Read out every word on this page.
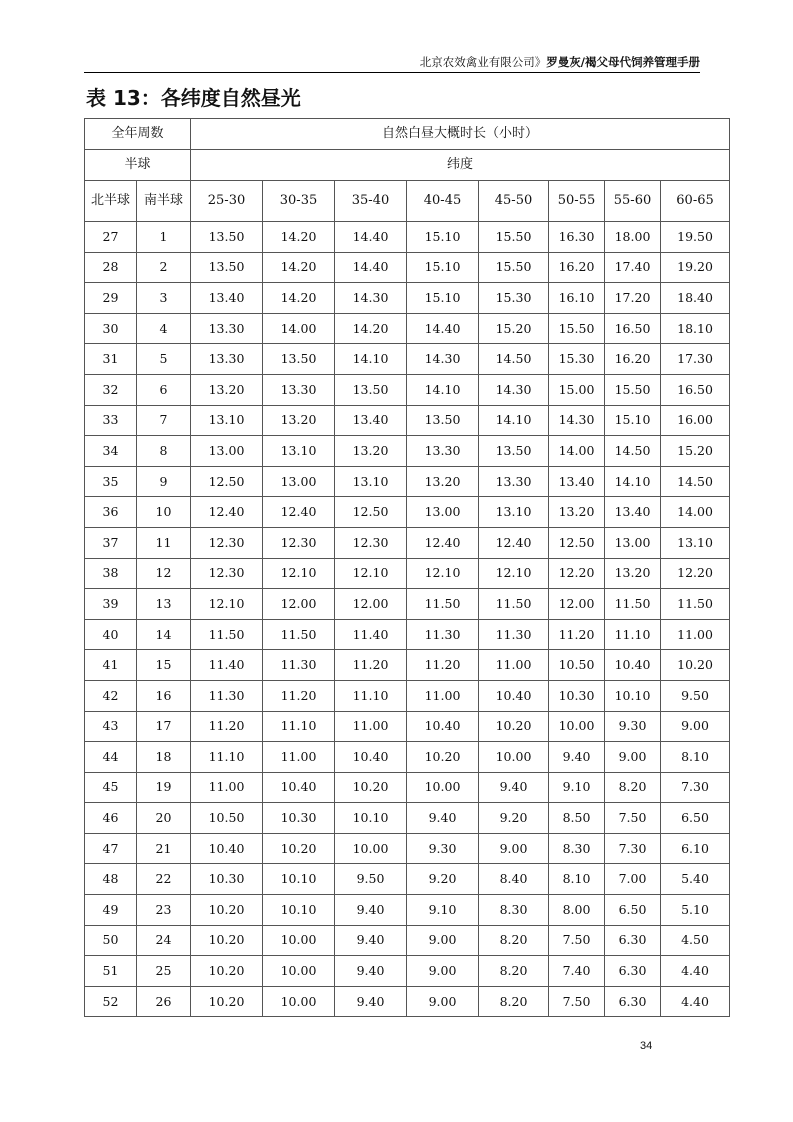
北京农效禽业有限公司》罗曼灰/褐父母代饲养管理手册
表 13：各纬度自然昼光
全年周数		自然白昼大概时长（小时）							
半球		纬度							
北半球	南半球	25-30	30-35	35-40	40-45	45-50	50-55	55-60	60-65
27	1	13.50	14.20	14.40	15.10	15.50	16.30	18.00	19.50
28	2	13.50	14.20	14.40	15.10	15.50	16.20	17.40	19.20
29	3	13.40	14.20	14.30	15.10	15.30	16.10	17.20	18.40
30	4	13.30	14.00	14.20	14.40	15.20	15.50	16.50	18.10
31	5	13.30	13.50	14.10	14.30	14.50	15.30	16.20	17.30
32	6	13.20	13.30	13.50	14.10	14.30	15.00	15.50	16.50
33	7	13.10	13.20	13.40	13.50	14.10	14.30	15.10	16.00
34	8	13.00	13.10	13.20	13.30	13.50	14.00	14.50	15.20
35	9	12.50	13.00	13.10	13.20	13.30	13.40	14.10	14.50
36	10	12.40	12.40	12.50	13.00	13.10	13.20	13.40	14.00
37	11	12.30	12.30	12.30	12.40	12.40	12.50	13.00	13.10
38	12	12.30	12.10	12.10	12.10	12.10	12.20	13.20	12.20
39	13	12.10	12.00	12.00	11.50	11.50	12.00	11.50	11.50
40	14	11.50	11.50	11.40	11.30	11.30	11.20	11.10	11.00
41	15	11.40	11.30	11.20	11.20	11.00	10.50	10.40	10.20
42	16	11.30	11.20	11.10	11.00	10.40	10.30	10.10	9.50
43	17	11.20	11.10	11.00	10.40	10.20	10.00	9.30	9.00
44	18	11.10	11.00	10.40	10.20	10.00	9.40	9.00	8.10
45	19	11.00	10.40	10.20	10.00	9.40	9.10	8.20	7.30
46	20	10.50	10.30	10.10	9.40	9.20	8.50	7.50	6.50
47	21	10.40	10.20	10.00	9.30	9.00	8.30	7.30	6.10
48	22	10.30	10.10	9.50	9.20	8.40	8.10	7.00	5.40
49	23	10.20	10.10	9.40	9.10	8.30	8.00	6.50	5.10
50	24	10.20	10.00	9.40	9.00	8.20	7.50	6.30	4.50
51	25	10.20	10.00	9.40	9.00	8.20	7.40	6.30	4.40
52	26	10.20	10.00	9.40	9.00	8.20	7.50	6.30	4.40
34
